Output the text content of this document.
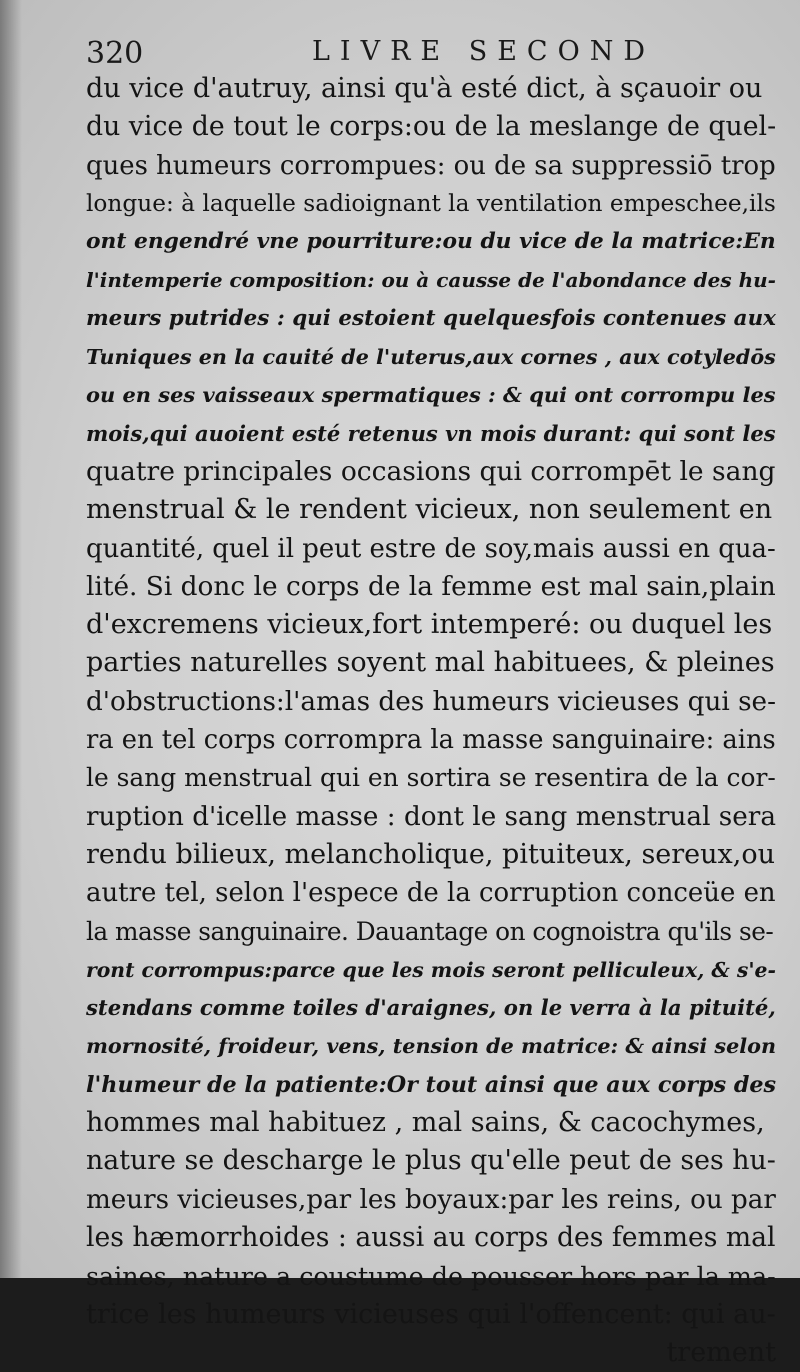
320	LIVRE SECOND
du vice d'autruy, ainsi qu'à esté dict, à sçauoir ou
du vice de tout le corps:ou de la meslange de quel-
ques humeurs corrompues: ou de sa suppressiō trop
longue: à laquelle sadioignant la ventilation empeschee,ils
ont engendré vne pourriture:ou du vice de la matrice:En
l'intemperie composition: ou à causse de l'abondance des hu-
meurs putrides : qui estoient quelquesfois contenues aux
Tuniques en la cauité de l'uterus,aux cornes , aux cotyledōs
ou en ses vaisseaux spermatiques : & qui ont corrompu les
mois,qui auoient esté retenus vn mois durant: qui sont les
quatre principales occasions qui corrompēt le sang
menstrual & le rendent vicieux, non seulement en
quantité, quel il peut estre de soy,mais aussi en qua-
lité. Si donc le corps de la femme est mal sain,plain
d'excremens vicieux,fort intemperé: ou duquel les
parties naturelles soyent mal habituees, & pleines
d'obstructions:l'amas des humeurs vicieuses qui se-
ra en tel corps corrompra la masse sanguinaire: ains
le sang menstrual qui en sortira se resentira de la cor-
ruption d'icelle masse : dont le sang menstrual sera
rendu bilieux, melancholique, pituiteux, sereux,ou
autre tel, selon l'espece de la corruption conceüe en
la masse sanguinaire. Dauantage on cognoistra qu'ils se-
ront corrompus:parce que les mois seront pelliculeux, & s'e-
stendans comme toiles d'araignes, on le verra à la pituité,
mornosité, froideur, vens, tension de matrice: & ainsi selon
l'humeur de la patiente:Or tout ainsi que aux corps des
hommes mal habituez , mal sains, & cacochymes,
nature se descharge le plus qu'elle peut de ses hu-
meurs vicieuses,par les boyaux:par les reins, ou par
les hæmorrhoides : aussi au corps des femmes mal
saines, nature a coustume de pousser hors par la ma-
trice les humeurs vicieuses qui l'offencent: qui au-
trement
